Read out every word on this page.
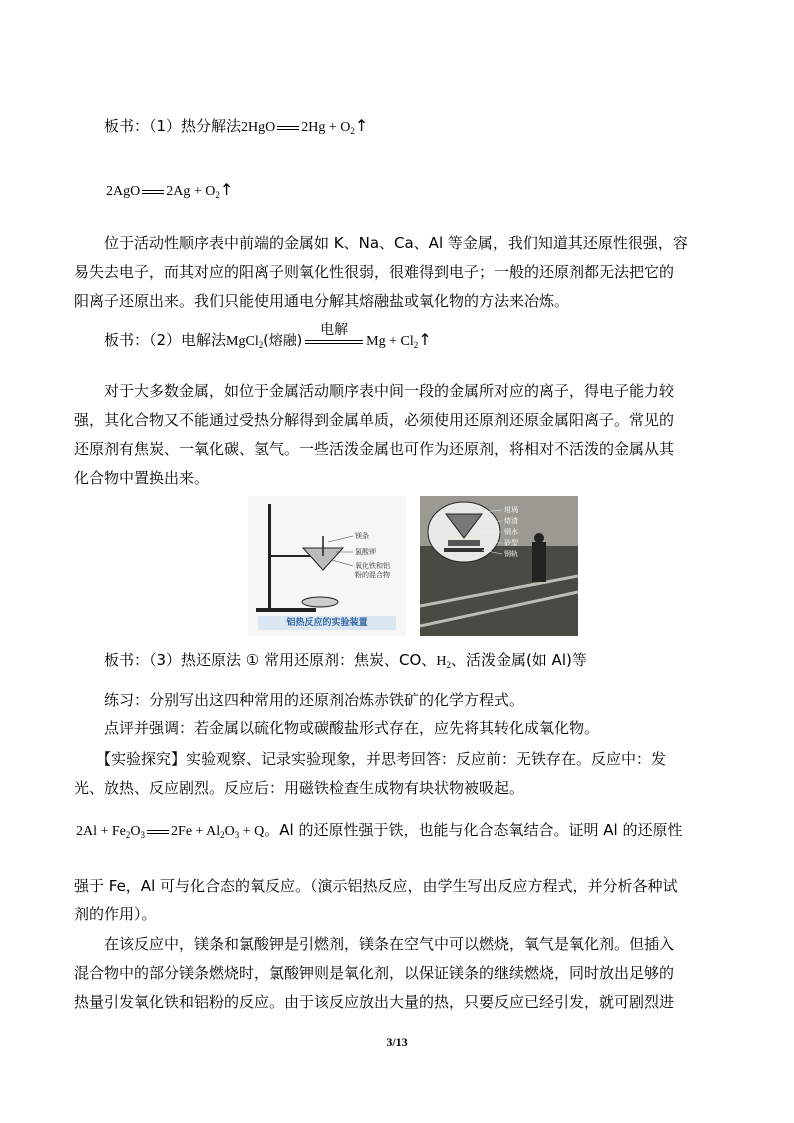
板书：（1）热分解法2HgO $2Hg + O_2↑$
2AgO $2Ag + O_2↑$
位于活动性顺序表中前端的金属如 K、Na、Ca、Al 等金属，我们知道其还原性很强，容
易失去电子，而其对应的阳离子则氧化性很弱，很难得到电子；一般的还原剂都无法把它的
阳离子还原出来。我们只能使用通电分解其熔融盐或氧化物的方法来冶炼。
板书：（2）电解法MgCl$_2$(熔融)
电解
$Mg + Cl_2↑$
对于大多数金属，如位于金属活动顺序表中间一段的金属所对应的离子，得电子能力较
强，其化合物又不能通过受热分解得到金属单质，必须使用还原剂还原金属阳离子。常见的
还原剂有焦炭、一氧化碳、氢气。一些活泼金属也可作为还原剂，将相对不活泼的金属从其
化合物中置换出来。
镁条
氯酸钾
氧化铁和铝
粉的混合物
铝热反应的实验装置
坩埚
熔渣
钢水
砂型
钢轨
板书：（3）热还原法 ① 常用还原剂：焦炭、CO、$H_2$、活泼金属(如 Al)等
练习：分别写出这四种常用的还原剂冶炼赤铁矿的化学方程式。
点评并强调：若金属以硫化物或碳酸盐形式存在，应先将其转化成氧化物。
【实验探究】实验观察、记录实验现象，并思考回答：反应前：无铁存在。反应中：发
光、放热、反应剧烈。反应后：用磁铁检查生成物有块状物被吸起。
$2Al + Fe_2O_3$ $2Fe + Al_2O_3 + Q$。Al 的还原性强于铁，也能与化合态氧结合。证明 Al 的还原性
强于 Fe，Al 可与化合态的氧反应。（演示铝热反应，由学生写出反应方程式，并分析各种试
剂的作用）。
在该反应中，镁条和氯酸钾是引燃剂，镁条在空气中可以燃烧，氧气是氧化剂。但插入
混合物中的部分镁条燃烧时，氯酸钾则是氧化剂，以保证镁条的继续燃烧，同时放出足够的
热量引发氧化铁和铝粉的反应。由于该反应放出大量的热，只要反应已经引发，就可剧烈进
3/13
